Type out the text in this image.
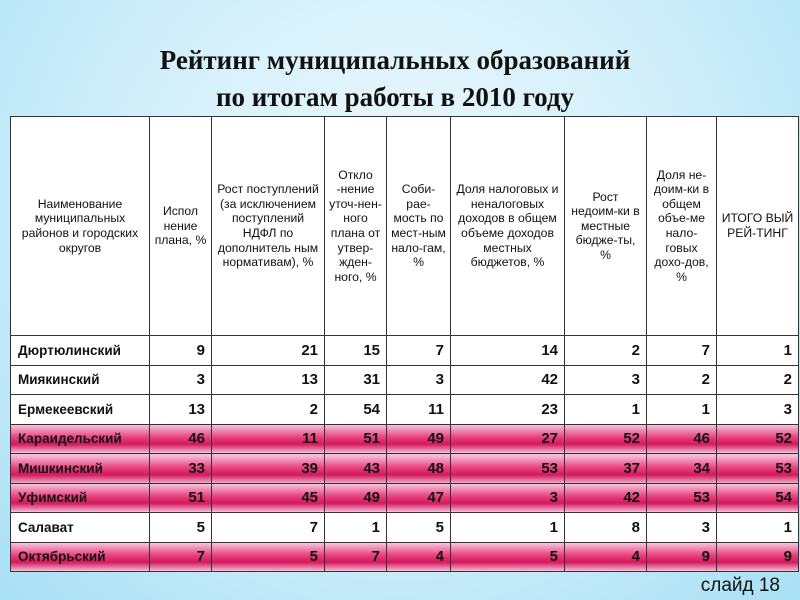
Рейтинг муниципальных образований
по итогам работы в 2010 году
Наименование муниципальных районов и городских округов	Испол нение плана, %	Рост поступлений (за исключением поступлений НДФЛ по дополнитель ным нормативам), %	Откло -нение уточ-нен-ного плана от утвер-жден-ного, %	Соби-рае-мость по мест-ным нало-гам, %	Доля налоговых и неналоговых доходов в общем объеме доходов местных бюджетов, %	Рост недоим-ки в местные бюдже-ты, %	Доля не-доим-ки в общем объе-ме нало-говых дохо-дов, %	ИТОГО ВЫЙ РЕЙ-ТИНГ
Дюртюлинский	9	21	15	7	14	2	7	1
Миякинский	3	13	31	3	42	3	2	2
Ермекеевский	13	2	54	11	23	1	1	3
Караидельский	46	11	51	49	27	52	46	52
Мишкинский	33	39	43	48	53	37	34	53
Уфимский	51	45	49	47	3	42	53	54
Салават	5	7	1	5	1	8	3	1
Октябрьский	7	5	7	4	5	4	9	9
слайд 18
